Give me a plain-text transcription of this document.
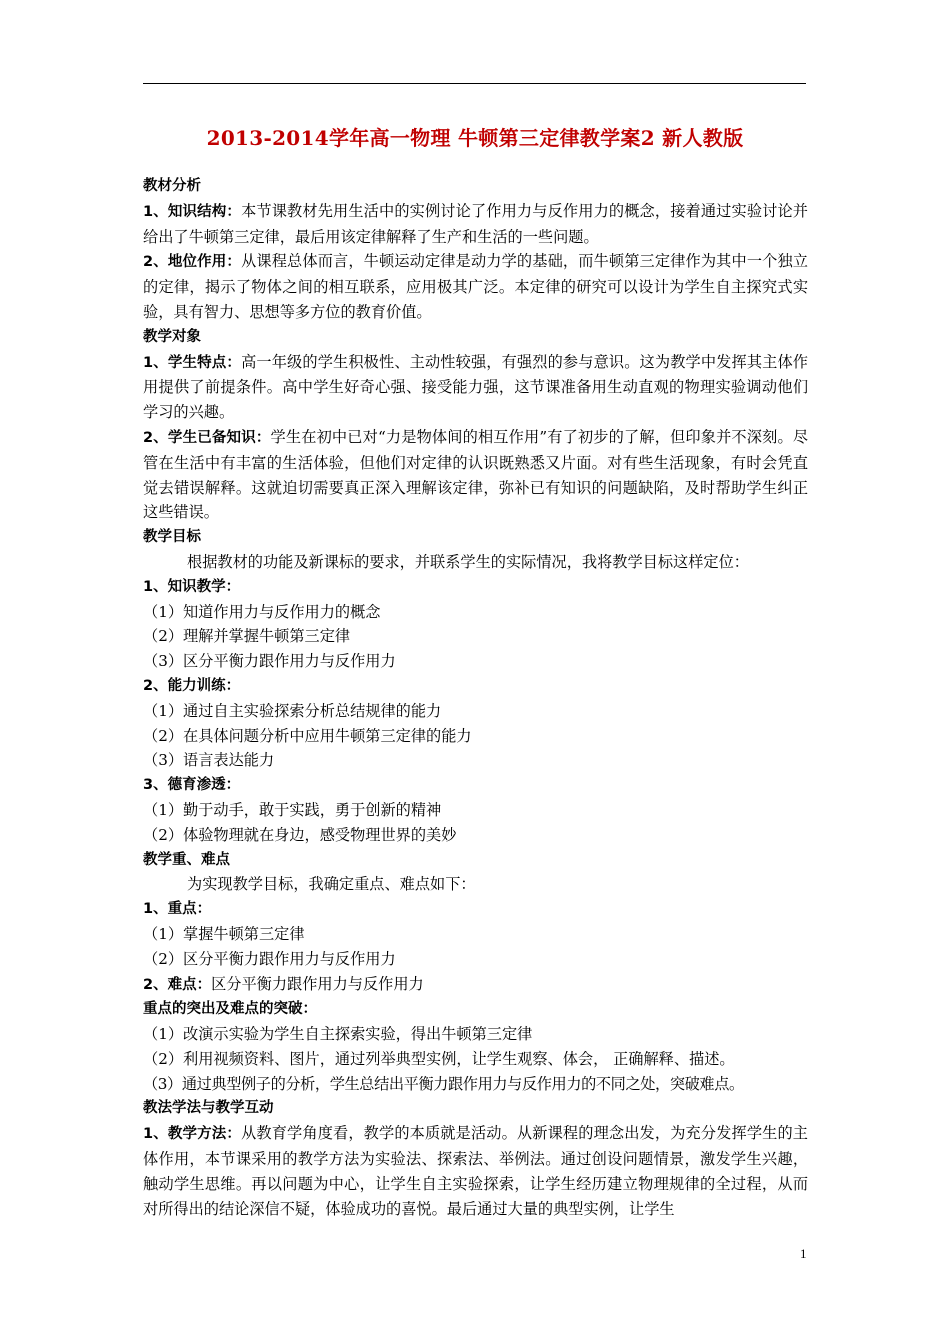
2013-2014学年高一物理 牛顿第三定律教学案2 新人教版

教材分析

1、知识结构：本节课教材先用生活中的实例讨论了作用力与反作用力的概念，接着通过实验讨论并给出了牛顿第三定律，最后用该定律解释了生产和生活的一些问题。

2、地位作用：从课程总体而言，牛顿运动定律是动力学的基础，而牛顿第三定律作为其中一个独立的定律，揭示了物体之间的相互联系，应用极其广泛。本定律的研究可以设计为学生自主探究式实验，具有智力、思想等多方位的教育价值。

教学对象

1、学生特点：高一年级的学生积极性、主动性较强，有强烈的参与意识。这为教学中发挥其主体作用提供了前提条件。高中学生好奇心强、接受能力强，这节课准备用生动直观的物理实验调动他们学习的兴趣。

2、学生已备知识：学生在初中已对“力是物体间的相互作用”有了初步的了解，但印象并不深刻。尽管在生活中有丰富的生活体验，但他们对定律的认识既熟悉又片面。对有些生活现象，有时会凭直觉去错误解释。这就迫切需要真正深入理解该定律，弥补已有知识的问题缺陷，及时帮助学生纠正这些错误。

教学目标

根据教材的功能及新课标的要求，并联系学生的实际情况，我将教学目标这样定位：

1、知识教学：

（1）知道作用力与反作用力的概念

（2）理解并掌握牛顿第三定律

（3）区分平衡力跟作用力与反作用力

2、能力训练：

（1）通过自主实验探索分析总结规律的能力

（2）在具体问题分析中应用牛顿第三定律的能力

（3）语言表达能力

3、德育渗透：

（1）勤于动手，敢于实践，勇于创新的精神

（2）体验物理就在身边，感受物理世界的美妙

教学重、难点

为实现教学目标，我确定重点、难点如下：

1、重点：

（1）掌握牛顿第三定律

（2）区分平衡力跟作用力与反作用力

2、难点：区分平衡力跟作用力与反作用力

重点的突出及难点的突破：

（1）改演示实验为学生自主探索实验，得出牛顿第三定律

（2）利用视频资料、图片，通过列举典型实例，让学生观察、体会， 正确解释、描述。

（3）通过典型例子的分析，学生总结出平衡力跟作用力与反作用力的不同之处，突破难点。

教法学法与教学互动

1、教学方法：从教育学角度看，教学的本质就是活动。从新课程的理念出发，为充分发挥学生的主体作用，本节课采用的教学方法为实验法、探索法、举例法。通过创设问题情景，激发学生兴趣，触动学生思维。再以问题为中心，让学生自主实验探索，让学生经历建立物理规律的全过程，从而对所得出的结论深信不疑，体验成功的喜悦。最后通过大量的典型实例，让学生

1
